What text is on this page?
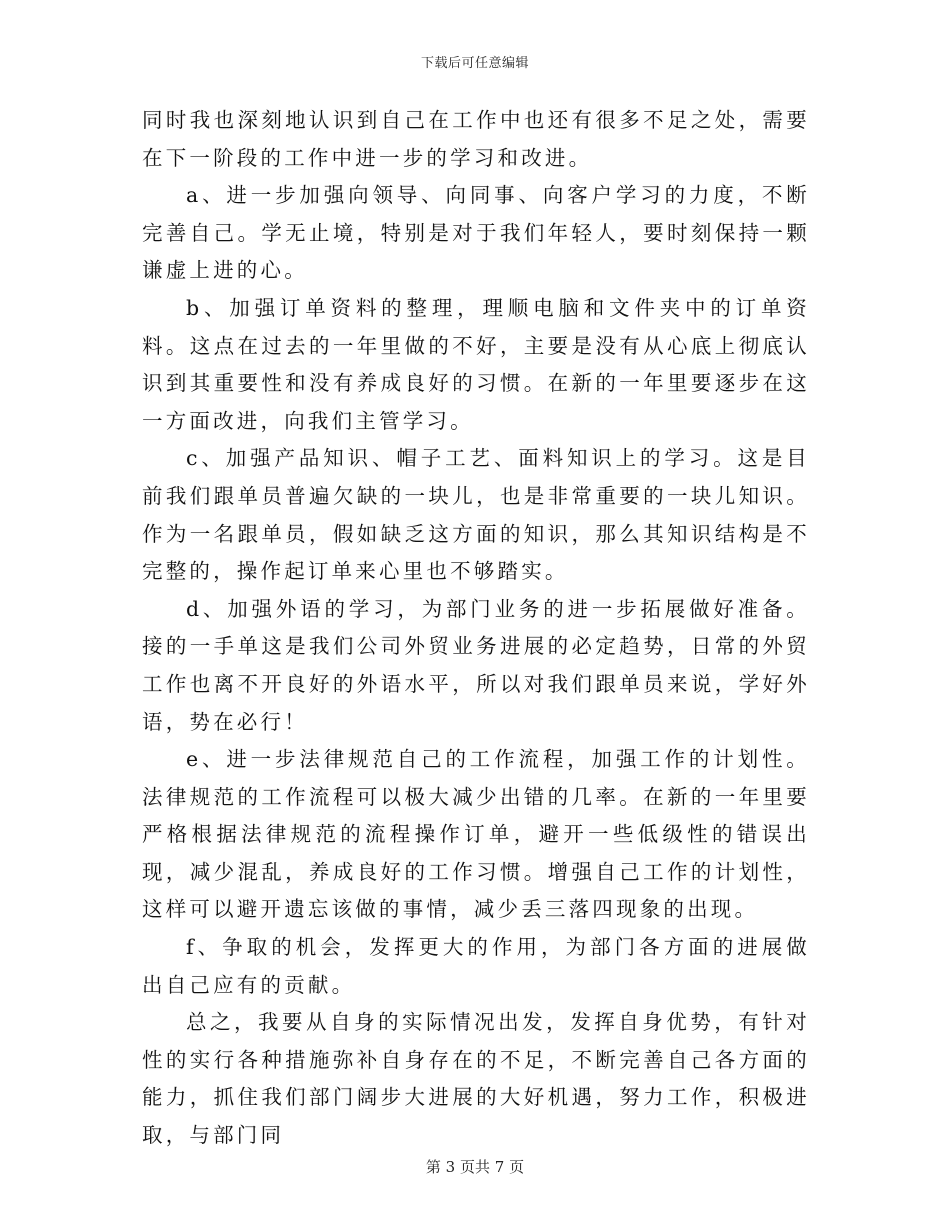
下载后可任意编辑

同时我也深刻地认识到自己在工作中也还有很多不足之处，需要在下一阶段的工作中进一步的学习和改进。

a、进一步加强向领导、向同事、向客户学习的力度，不断完善自己。学无止境，特别是对于我们年轻人，要时刻保持一颗谦虚上进的心。

b、加强订单资料的整理，理顺电脑和文件夹中的订单资料。这点在过去的一年里做的不好，主要是没有从心底上彻底认识到其重要性和没有养成良好的习惯。在新的一年里要逐步在这一方面改进，向我们主管学习。

c、加强产品知识、帽子工艺、面料知识上的学习。这是目前我们跟单员普遍欠缺的一块儿，也是非常重要的一块儿知识。作为一名跟单员，假如缺乏这方面的知识，那么其知识结构是不完整的，操作起订单来心里也不够踏实。

d、加强外语的学习，为部门业务的进一步拓展做好准备。接的一手单这是我们公司外贸业务进展的必定趋势，日常的外贸工作也离不开良好的外语水平，所以对我们跟单员来说，学好外语，势在必行！

e、进一步法律规范自己的工作流程，加强工作的计划性。法律规范的工作流程可以极大减少出错的几率。在新的一年里要严格根据法律规范的流程操作订单，避开一些低级性的错误出现，减少混乱，养成良好的工作习惯。增强自己工作的计划性，这样可以避开遗忘该做的事情，减少丢三落四现象的出现。

f、争取的机会，发挥更大的作用，为部门各方面的进展做出自己应有的贡献。

总之，我要从自身的实际情况出发，发挥自身优势，有针对性的实行各种措施弥补自身存在的不足，不断完善自己各方面的能力，抓住我们部门阔步大进展的大好机遇，努力工作，积极进取，与部门同

第 3 页共 7 页
